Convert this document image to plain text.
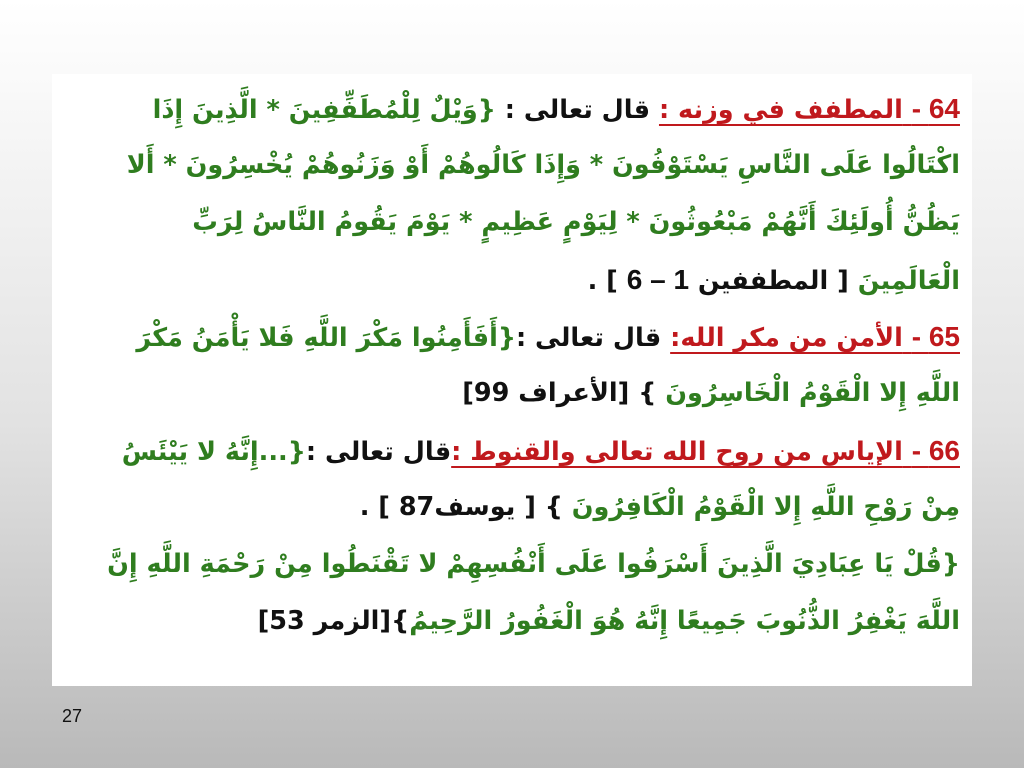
64 - المطفف في وزنه : قال تعالى : {وَيْلٌ لِلْمُطَفِّفِينَ * الَّذِينَ إِذَا
اكْتَالُوا عَلَى النَّاسِ يَسْتَوْفُونَ * وَإِذَا كَالُوهُمْ أَوْ وَزَنُوهُمْ يُخْسِرُونَ * أَلا
يَظُنُّ أُولَئِكَ أَنَّهُمْ مَبْعُوثُونَ * لِيَوْمٍ عَظِيمٍ * يَوْمَ يَقُومُ النَّاسُ لِرَبِّ
الْعَالَمِينَ [ المطففين 1 – 6 ] .
65 - الأمن من مكر الله: قال تعالى :{أَفَأَمِنُوا مَكْرَ اللَّهِ فَلا يَأْمَنُ مَكْرَ
اللَّهِ إِلا الْقَوْمُ الْخَاسِرُونَ } [الأعراف 99]
66 - الإياس من روح الله تعالى والقنوط :قال تعالى :{...إِنَّهُ لا يَيْئَسُ
مِنْ رَوْحِ اللَّهِ إِلا الْقَوْمُ الْكَافِرُونَ } [ يوسف87 ] .
{قُلْ يَا عِبَادِيَ الَّذِينَ أَسْرَفُوا عَلَى أَنْفُسِهِمْ لا تَقْنَطُوا مِنْ رَحْمَةِ اللَّهِ إِنَّ
اللَّهَ يَغْفِرُ الذُّنُوبَ جَمِيعًا إِنَّهُ هُوَ الْغَفُورُ الرَّحِيمُ}[الزمر 53]
27
